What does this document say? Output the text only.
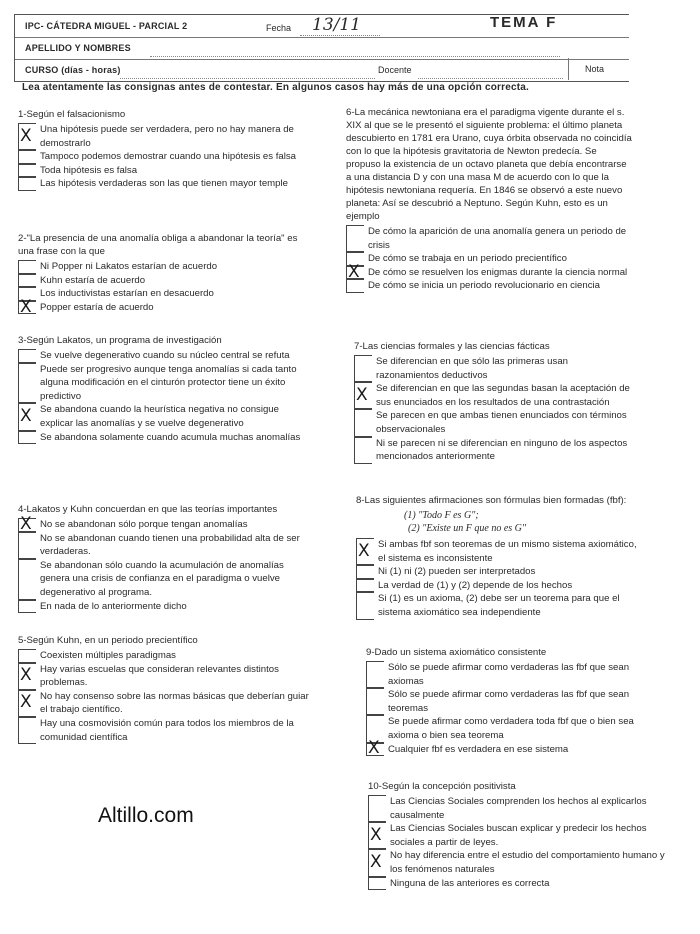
IPC- CÁTEDRA MIGUEL - PARCIAL 2
APELLIDO Y NOMBRES
CURSO (días - horas)
Fecha 13/11	TEMA F
Docente	Nota
Lea atentamente las consignas antes de contestar. En algunos casos hay más de una opción correcta.
1-Según el falsacionismo
X Una hipótesis puede ser verdadera, pero no hay manera de demostrarlo
Tampoco podemos demostrar cuando una hipótesis es falsa
Toda hipótesis es falsa
Las hipótesis verdaderas son las que tienen mayor temple
2-"La presencia de una anomalía obliga a abandonar la teoría" es una frase con la que
Ni Popper ni Lakatos estarían de acuerdo
Kuhn estaría de acuerdo
Los inductivistas estarían en desacuerdo
X Popper estaría de acuerdo
3-Según Lakatos, un programa de investigación
Se vuelve degenerativo cuando su núcleo central se refuta
Puede ser progresivo aunque tenga anomalías si cada tanto alguna modificación en el cinturón protector tiene un éxito predictivo
X Se abandona cuando la heurística negativa no consigue explicar las anomalías y se vuelve degenerativo
Se abandona solamente cuando acumula muchas anomalías
4-Lakatos y Kuhn concuerdan en que las teorías importantes
X No se abandonan sólo porque tengan anomalías
No se abandonan cuando tienen una probabilidad alta de ser verdaderas.
Se abandonan sólo cuando la acumulación de anomalías genera una crisis de confianza en el paradigma o vuelve degenerativo al programa.
En nada de lo anteriormente dicho
5-Según Kuhn, en un periodo precientífico
Coexisten múltiples paradigmas
X Hay varias escuelas que consideran relevantes distintos problemas.
X No hay consenso sobre las normas básicas que deberían guiar el trabajo científico.
Hay una cosmovisión común para todos los miembros de la comunidad científica
Altillo.com
6-La mecánica newtoniana era el paradigma vigente durante el s. XIX al que se le presentó el siguiente problema: el último planeta descubierto en 1781 era Urano, cuya órbita observada no coincidía con lo que la hipótesis gravitatoria de Newton predecía. Se propuso la existencia de un octavo planeta que debía encontrarse a una distancia D y con una masa M de acuerdo con lo que la hipótesis newtoniana requería. En 1846 se observó a este nuevo planeta: Así se descubrió a Neptuno. Según Kuhn, esto es un ejemplo
De cómo la aparición de una anomalía genera un periodo de crisis
De cómo se trabaja en un periodo precientífico
X De cómo se resuelven los enigmas durante la ciencia normal
De cómo se inicia un periodo revolucionario en ciencia
7-Las ciencias formales y las ciencias fácticas
Se diferencian en que sólo las primeras usan razonamientos deductivos
X Se diferencian en que las segundas basan la aceptación de sus enunciados en los resultados de una contrastación
Se parecen en que ambas tienen enunciados con términos observacionales
Ni se parecen ni se diferencian en ninguno de los aspectos mencionados anteriormente
8-Las siguientes afirmaciones son fórmulas bien formadas (fbf):
(1) "Todo F es G";
(2) "Existe un F que no es G"
X Si ambas fbf son teoremas de un mismo sistema axiomático, el sistema es inconsistente
Ni (1) ni (2) pueden ser interpretados
La verdad de (1) y (2) depende de los hechos
Si (1) es un axioma, (2) debe ser un teorema para que el sistema axiomático sea independiente
9-Dado un sistema axiomático consistente
Sólo se puede afirmar como verdaderas las fbf que sean axiomas
Sólo se puede afirmar como verdaderas las fbf que sean teoremas
Se puede afirmar como verdadera toda fbf que o bien sea axioma o bien sea teorema
X Cualquier fbf es verdadera en ese sistema
10-Según la concepción positivista
Las Ciencias Sociales comprenden los hechos al explicarlos causalmente
X Las Ciencias Sociales buscan explicar y predecir los hechos sociales a partir de leyes.
X No hay diferencia entre el estudio del comportamiento humano y los fenómenos naturales
Ninguna de las anteriores es correcta
